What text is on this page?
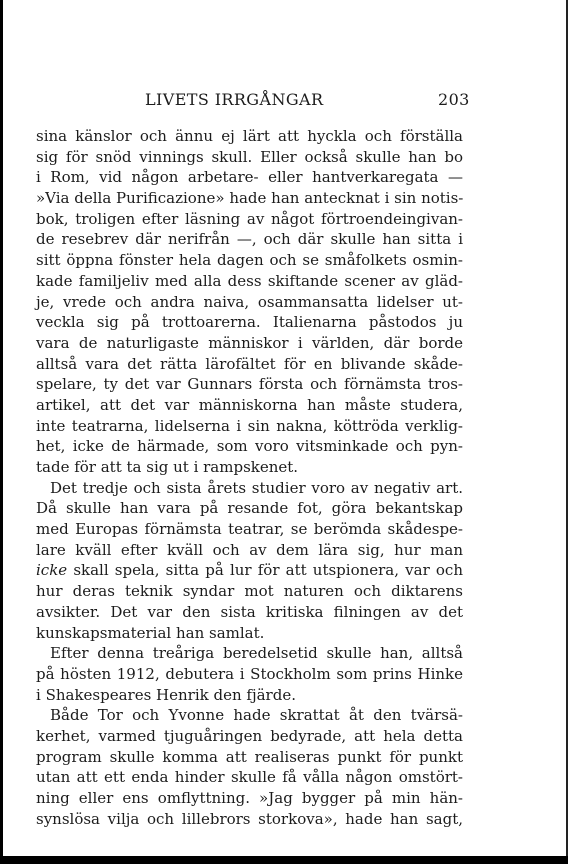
LIVETS IRRGÅNGAR	203
sina känslor och ännu ej lärt att hyckla och förställa
sig för snöd vinnings skull. Eller också skulle han bo
i Rom, vid någon arbetare- eller hantverkaregata —
»Via della Purificazione» hade han antecknat i sin notis-
bok, troligen efter läsning av något förtroendeingivan-
de resebrev där nerifrån —, och där skulle han sitta i
sitt öppna fönster hela dagen och se småfolkets osmin-
kade familjeliv med alla dess skiftande scener av gläd-
je, vrede och andra naiva, osammansatta lidelser ut-
veckla sig på trottoarerna. Italienarna påstodos ju
vara de naturligaste människor i världen, där borde
alltså vara det rätta lärofältet för en blivande skåde-
spelare, ty det var Gunnars första och förnämsta tros-
artikel, att det var människorna han måste studera,
inte teatrarna, lidelserna i sin nakna, köttröda verklig-
het, icke de härmade, som voro vitsminkade och pyn-
tade för att ta sig ut i rampskenet.
Det tredje och sista årets studier voro av negativ art.
Då skulle han vara på resande fot, göra bekantskap
med Europas förnämsta teatrar, se berömda skådespe-
lare kväll efter kväll och av dem lära sig, hur man
icke skall spela, sitta på lur för att utspionera, var och
hur deras teknik syndar mot naturen och diktarens
avsikter. Det var den sista kritiska filningen av det
kunskapsmaterial han samlat.
Efter denna treåriga beredelsetid skulle han, alltså
på hösten 1912, debutera i Stockholm som prins Hinke
i Shakespeares Henrik den fjärde.
Både Tor och Yvonne hade skrattat åt den tvärsä-
kerhet, varmed tjuguåringen bedyrade, att hela detta
program skulle komma att realiseras punkt för punkt
utan att ett enda hinder skulle få vålla någon omstört-
ning eller ens omflyttning. »Jag bygger på min hän-
synslösa vilja och lillebrors storkova», hade han sagt,
